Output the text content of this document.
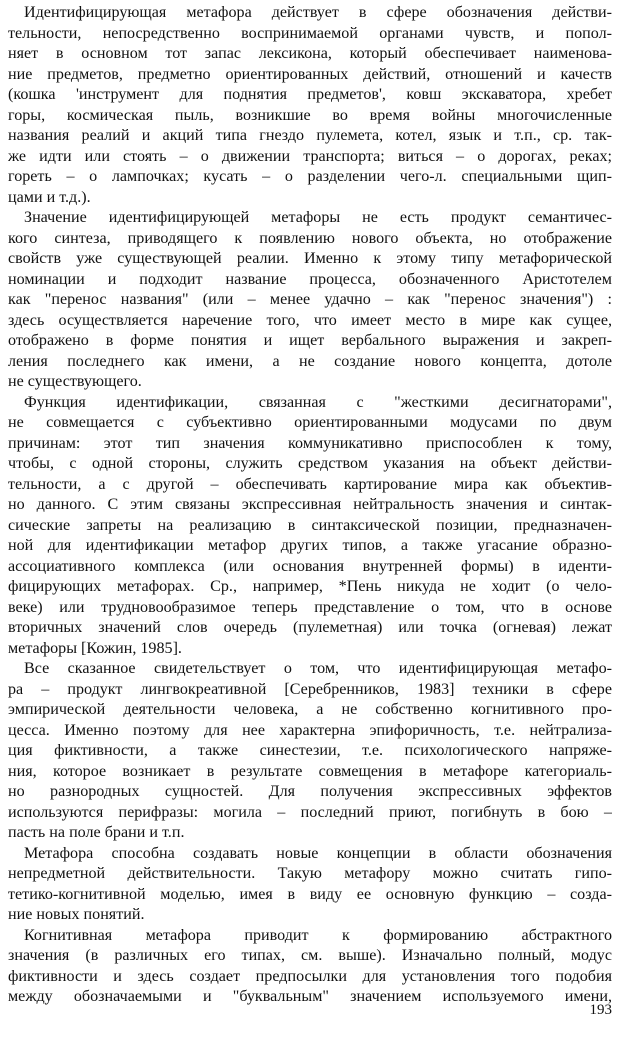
Идентифицирующая метафора действует в сфере обозначения действи-
тельности, непосредственно воспринимаемой органами чувств, и попол-
няет в основном тот запас лексикона, который обеспечивает наименова-
ние предметов, предметно ориентированных действий, отношений и качеств
(кошка 'инструмент для поднятия предметов', ковш экскаватора, хребет
горы, космическая пыль, возникшие во время войны многочисленные
названия реалий и акций типа гнездо пулемета, котел, язык и т.п., ср. так-
же идти или стоять – о движении транспорта; виться – о дорогах, реках;
гореть – о лампочках; кусать – о разделении чего-л. специальными щип-
цами и т.д.).
Значение идентифицирующей метафоры не есть продукт семантичес-
кого синтеза, приводящего к появлению нового объекта, но отображение
свойств уже существующей реалии. Именно к этому типу метафорической
номинации и подходит название процесса, обозначенного Аристотелем
как "перенос названия" (или – менее удачно – как "перенос значения") :
здесь осуществляется наречение того, что имеет место в мире как сущее,
отображено в форме понятия и ищет вербального выражения и закреп-
ления последнего как имени, а не создание нового концепта, дотоле
не существующего.
Функция идентификации, связанная с "жесткими десигнаторами",
не совмещается с субъективно ориентированными модусами по двум
причинам: этот тип значения коммуникативно приспособлен к тому,
чтобы, с одной стороны, служить средством указания на объект действи-
тельности, а с другой – обеспечивать картирование мира как объектив-
но данного. С этим связаны экспрессивная нейтральность значения и синтак-
сические запреты на реализацию в синтаксической позиции, предназначен-
ной для идентификации метафор других типов, а также угасание образно-
ассоциативного комплекса (или основания внутренней формы) в иденти-
фицирующих метафорах. Ср., например, *Пень никуда не ходит (о чело-
веке) или трудновообразимое теперь представление о том, что в основе
вторичных значений слов очередь (пулеметная) или точка (огневая) лежат
метафоры [Кожин, 1985].
Все сказанное свидетельствует о том, что идентифицирующая метафо-
ра – продукт лингвокреативной [Серебренников, 1983] техники в сфере
эмпирической деятельности человека, а не собственно когнитивного про-
цесса. Именно поэтому для нее характерна эпифоричность, т.е. нейтрализа-
ция фиктивности, а также синестезии, т.е. психологического напряже-
ния, которое возникает в результате совмещения в метафоре категориаль-
но разнородных сущностей. Для получения экспрессивных эффектов
используются перифразы: могила – последний приют, погибнуть в бою –
пасть на поле брани и т.п.
Метафора способна создавать новые концепции в области обозначения
непредметной действительности. Такую метафору можно считать гипо-
тетико-когнитивной моделью, имея в виду ее основную функцию – созда-
ние новых понятий.
Когнитивная метафора приводит к формированию абстрактного
значения (в различных его типах, см. выше). Изначально полный, модус
фиктивности и здесь создает предпосылки для установления того подобия
между обозначаемыми и "буквальным" значением используемого имени,
193
